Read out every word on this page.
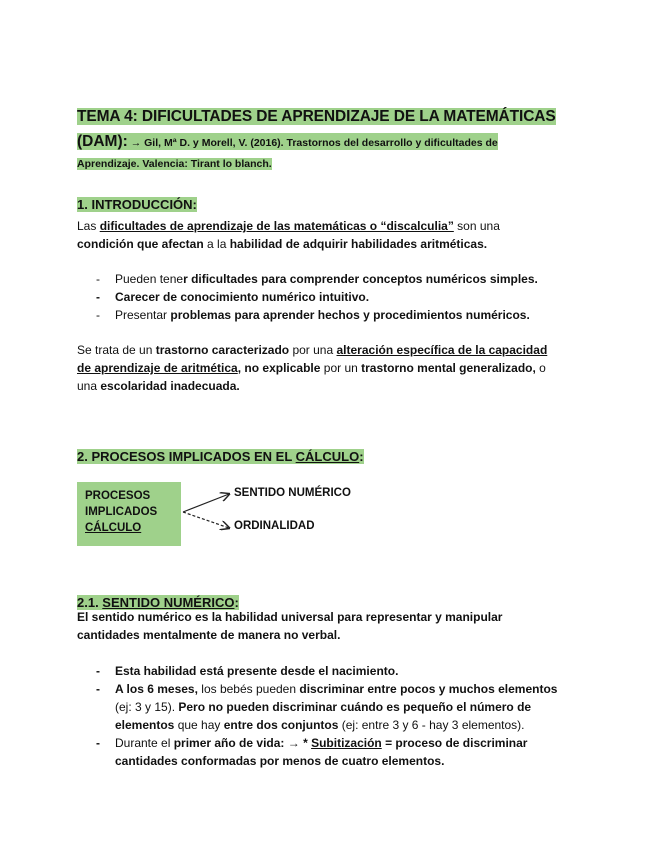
TEMA 4: DIFICULTADES DE APRENDIZAJE DE LA MATEMÁTICAS
(DAM): → Gil, Mª D. y Morell, V. (2016). Trastornos del desarrollo y dificultades de
Aprendizaje. Valencia: Tirant lo blanch.
1. INTRODUCCIÓN:
Las dificultades de aprendizaje de las matemáticas o “discalculia” son una
condición que afectan a la habilidad de adquirir habilidades aritméticas.
- Pueden tener dificultades para comprender conceptos numéricos simples.
- Carecer de conocimiento numérico intuitivo.
- Presentar problemas para aprender hechos y procedimientos numéricos.
Se trata de un trastorno caracterizado por una alteración específica de la capacidad
de aprendizaje de aritmética, no explicable por un trastorno mental generalizado, o
una escolaridad inadecuada.
2. PROCESOS IMPLICADOS EN EL CÁLCULO:
PROCESOS
IMPLICADOS
CÁLCULO
SENTIDO NUMÉRICO
ORDINALIDAD
2.1. SENTIDO NUMÉRICO:
El sentido numérico es la habilidad universal para representar y manipular
cantidades mentalmente de manera no verbal.
- Esta habilidad está presente desde el nacimiento.
- A los 6 meses, los bebés pueden discriminar entre pocos y muchos elementos
(ej: 3 y 15). Pero no pueden discriminar cuándo es pequeño el número de
elementos que hay entre dos conjuntos (ej: entre 3 y 6 - hay 3 elementos).
- Durante el primer año de vida: → * Subitización = proceso de discriminar
cantidades conformadas por menos de cuatro elementos.
